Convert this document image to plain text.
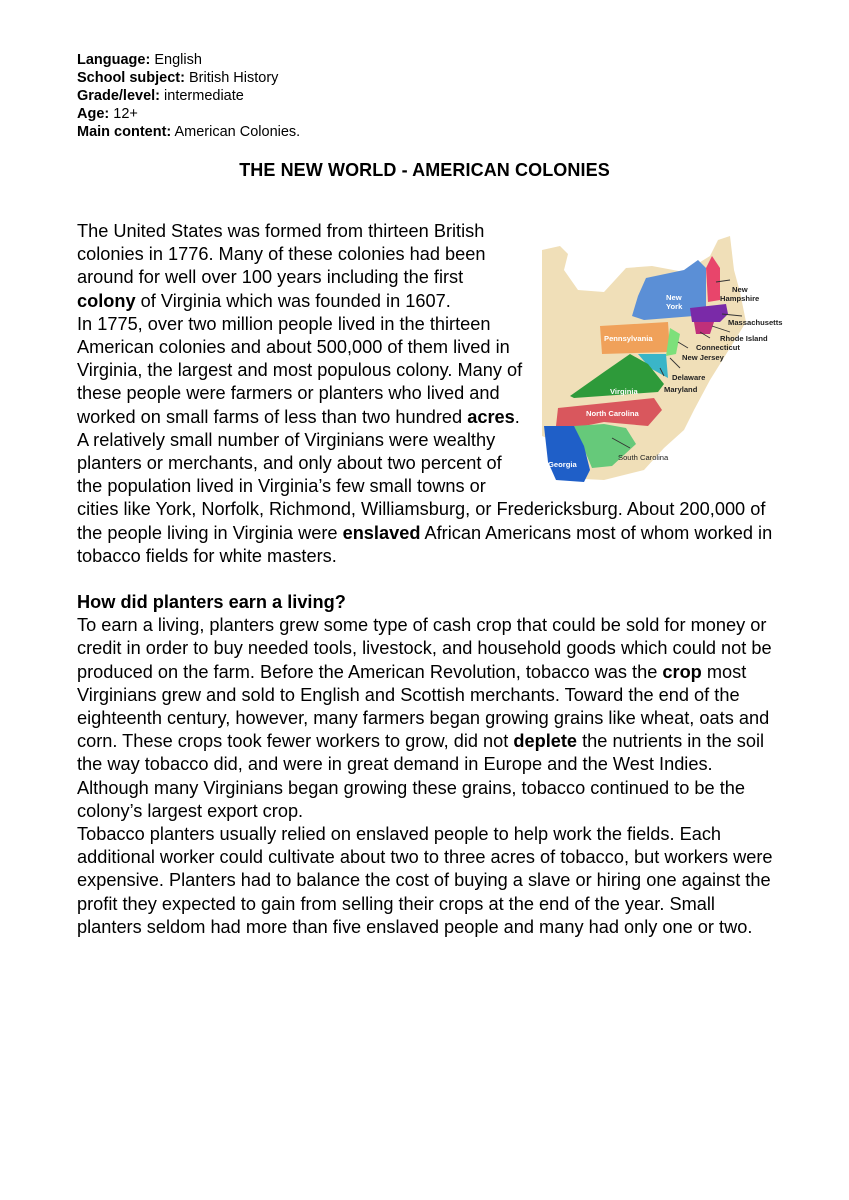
Language: English
School subject: British History
Grade/level: intermediate
Age: 12+
Main content: American Colonies.
THE NEW WORLD - AMERICAN COLONIES
New
York
Pennsylvania
Virginia
North Carolina
Georgia
South Carolina
New
Hampshire
Massachusetts
Rhode Island
Connecticut
New Jersey
Delaware
Maryland

The United States was formed from thirteen British colonies in 1776. Many of these colonies had been around for well over 100 years including the first colony of Virginia which was founded in 1607.

In 1775, over two million people lived in the thirteen American colonies and about 500,000 of them lived in Virginia, the largest and most populous colony. Many of these people were farmers or planters who lived and worked on small farms of less than two hundred acres. A relatively small number of Virginians were wealthy planters or merchants, and only about two percent of the population lived in Virginia’s few small towns or cities like York, Norfolk, Richmond, Williamsburg, or Fredericksburg. About 200,000 of the people living in Virginia were enslaved African Americans most of whom worked in tobacco fields for white masters.

How did planters earn a living?

To earn a living, planters grew some type of cash crop that could be sold for money or credit in order to buy needed tools, livestock, and household goods which could not be produced on the farm. Before the American Revolution, tobacco was the crop most Virginians grew and sold to English and Scottish merchants. Toward the end of the eighteenth century, however, many farmers began growing grains like wheat, oats and corn. These crops took fewer workers to grow, did not deplete the nutrients in the soil the way tobacco did, and were in great demand in Europe and the West Indies. Although many Virginians began growing these grains, tobacco continued to be the colony’s largest export crop.

Tobacco planters usually relied on enslaved people to help work the fields. Each additional worker could cultivate about two to three acres of tobacco, but workers were expensive. Planters had to balance the cost of buying a slave or hiring one against the profit they expected to gain from selling their crops at the end of the year. Small planters seldom had more than five enslaved people and many had only one or two.
